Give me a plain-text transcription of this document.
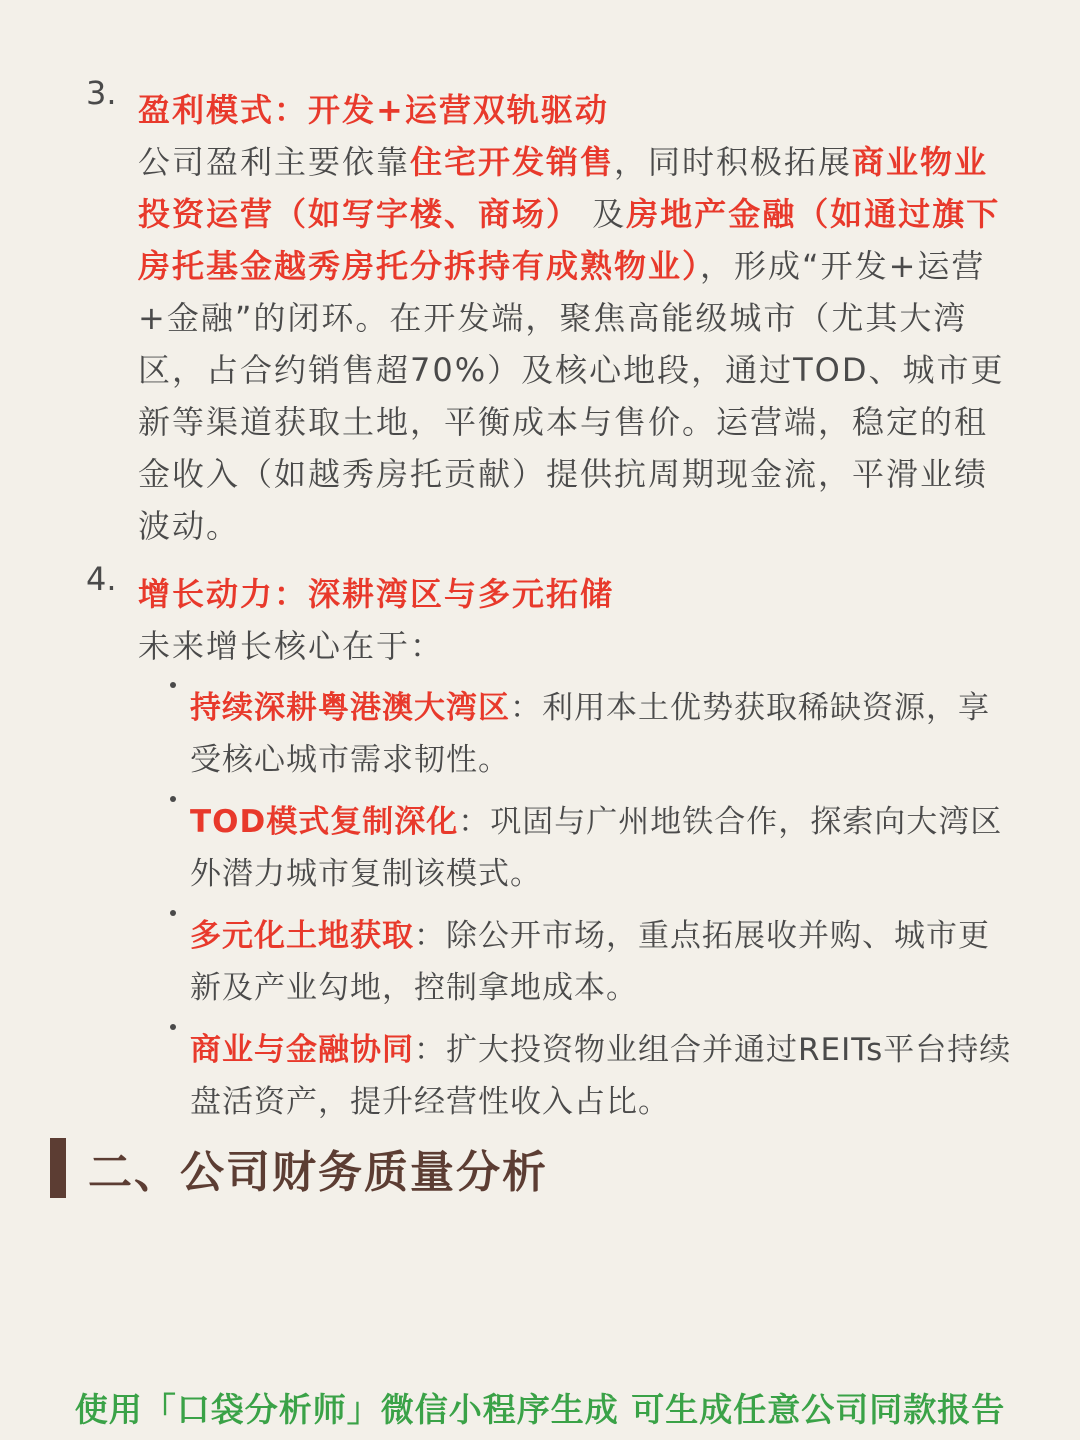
3. 盈利模式：开发+运营双轨驱动
公司盈利主要依靠住宅开发销售，同时积极拓展商业物业投资运营（如写字楼、商场） 及房地产金融（如通过旗下房托基金越秀房托分拆持有成熟物业），形成“开发+运营+金融”的闭环。在开发端，聚焦高能级城市（尤其大湾区，占合约销售超70%）及核心地段，通过TOD、城市更新等渠道获取土地，平衡成本与售价。运营端，稳定的租金收入（如越秀房托贡献）提供抗周期现金流，平滑业绩波动。
4. 增长动力：深耕湾区与多元拓储
未来增长核心在于：
持续深耕粤港澳大湾区：利用本土优势获取稀缺资源，享受核心城市需求韧性。
TOD模式复制深化：巩固与广州地铁合作，探索向大湾区外潜力城市复制该模式。
多元化土地获取：除公开市场，重点拓展收并购、城市更新及产业勾地，控制拿地成本。
商业与金融协同：扩大投资物业组合并通过REITs平台持续盘活资产，提升经营性收入占比。
二、公司财务质量分析
使用「口袋分析师」微信小程序生成 可生成任意公司同款报告
